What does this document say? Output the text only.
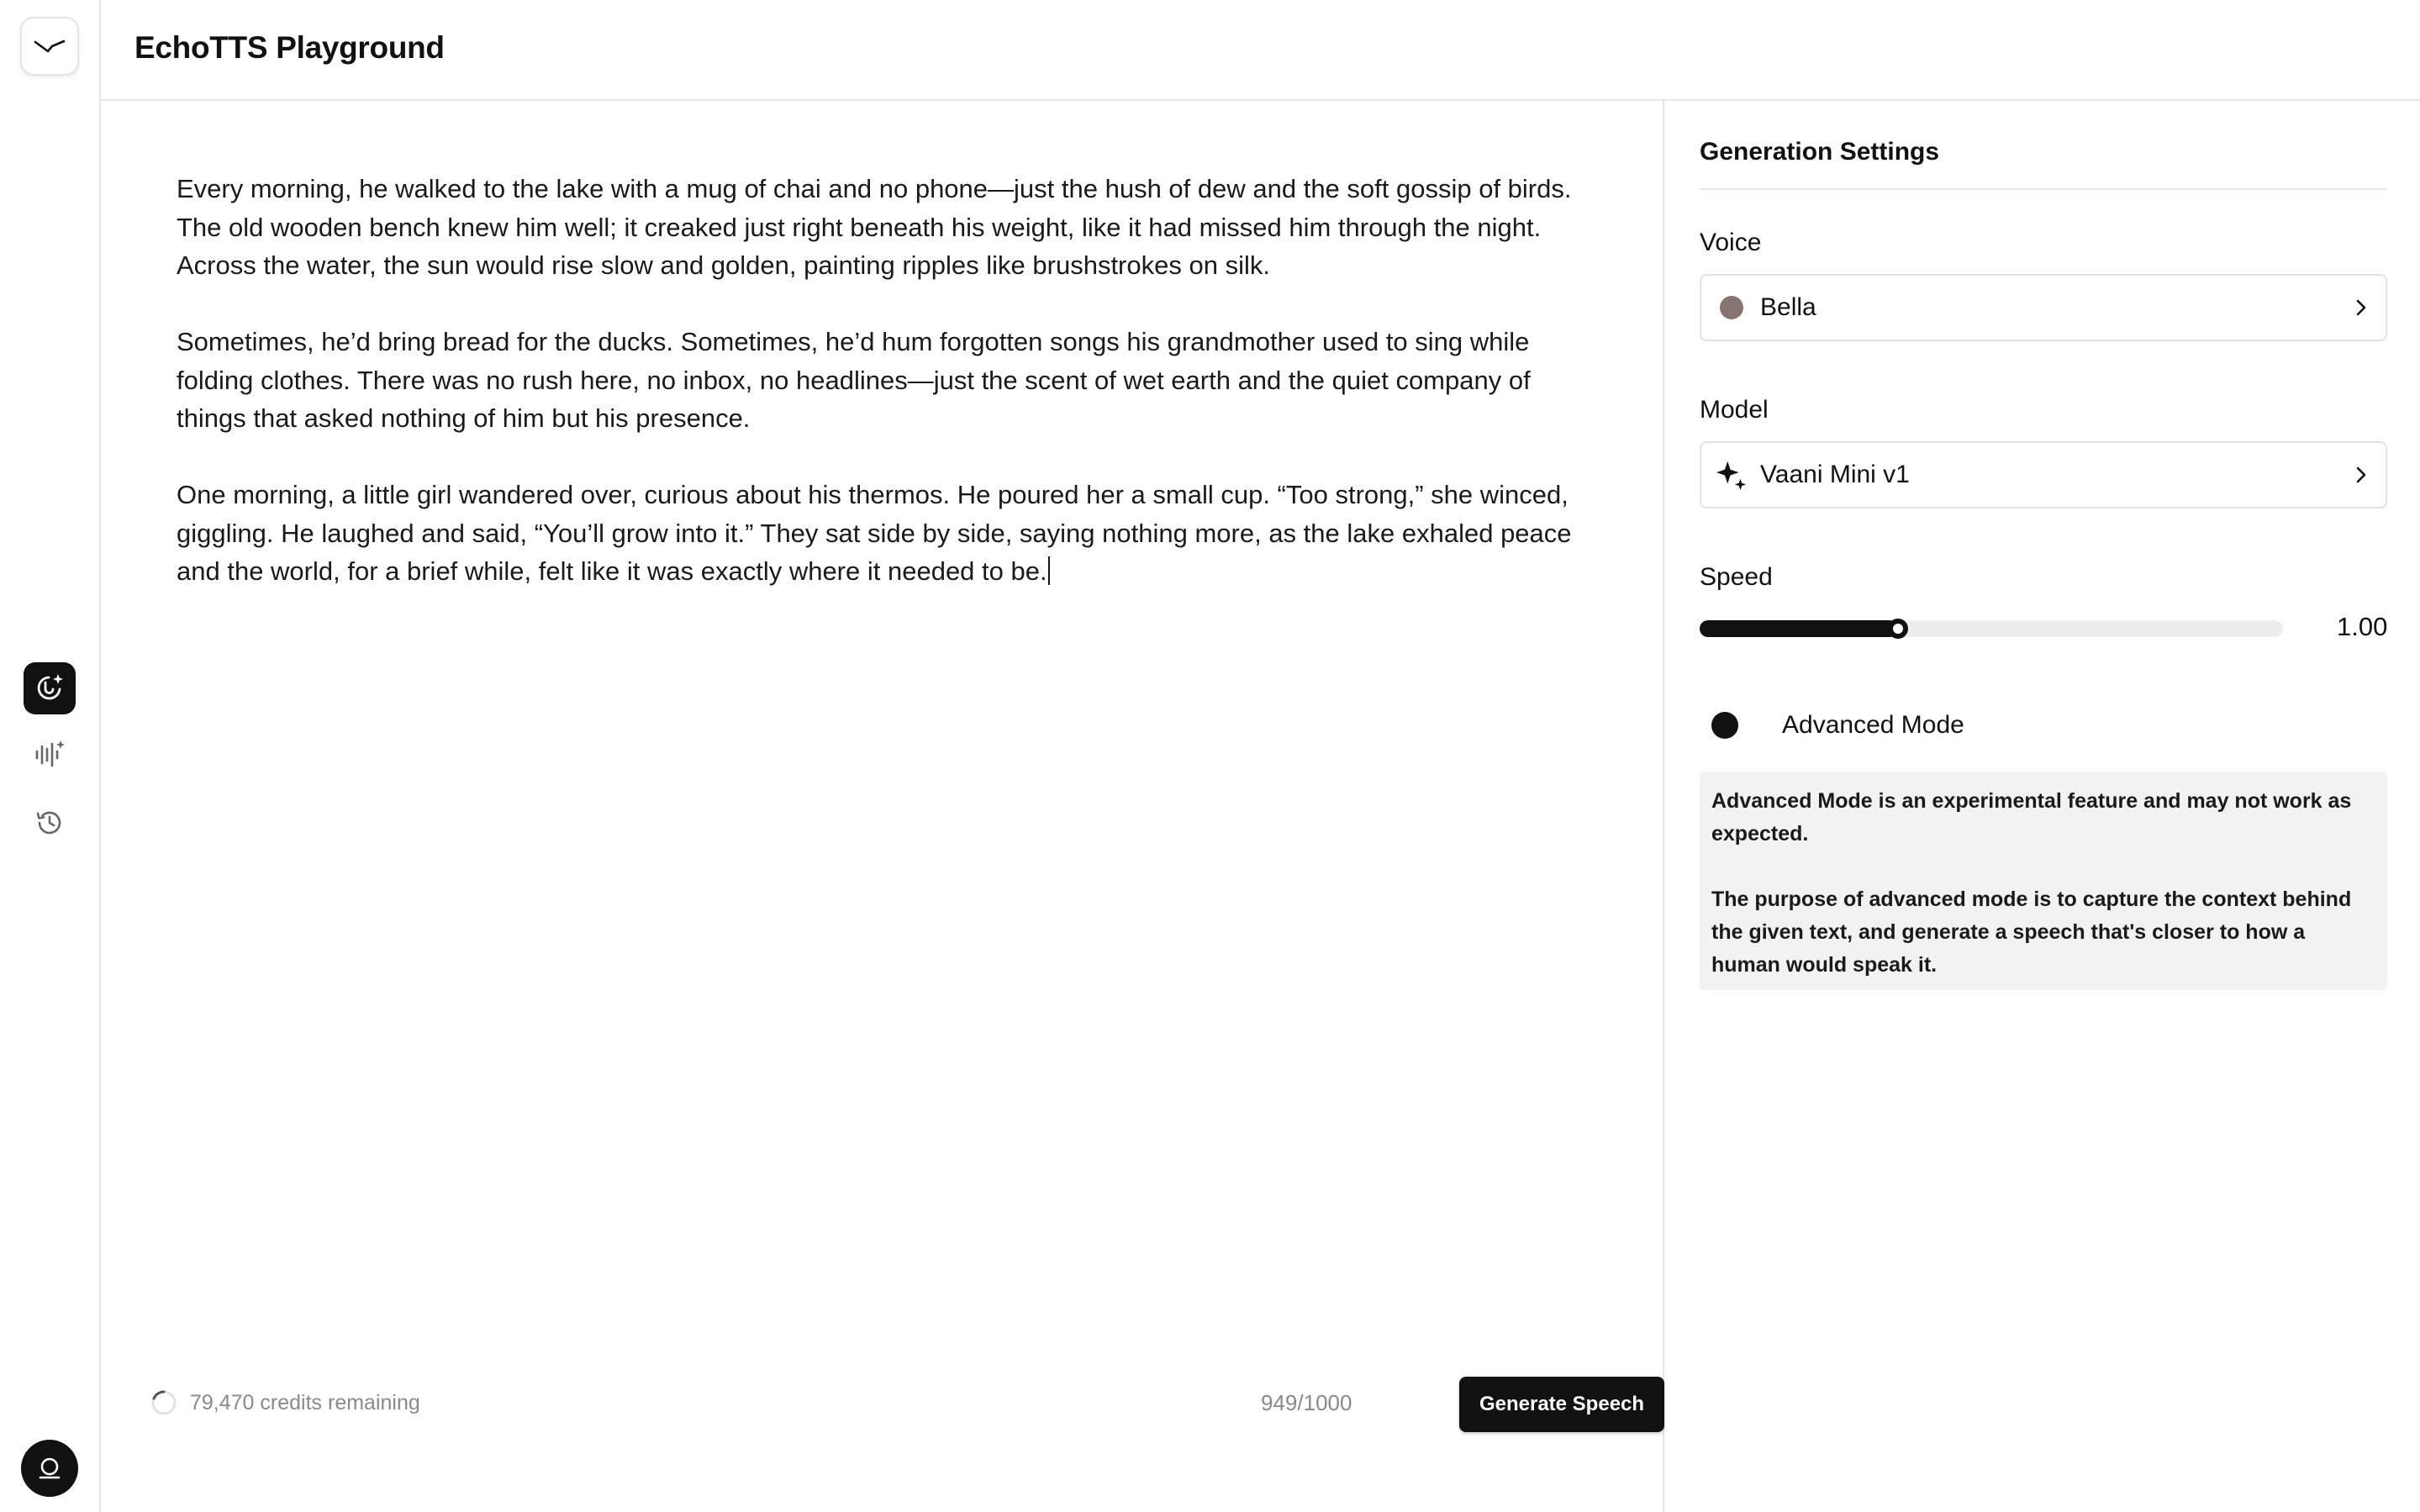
EchoTTS Playground

Every morning, he walked to the lake with a mug of chai and no phone—just the hush of dew and the soft gossip of birds. The old wooden bench knew him well; it creaked just right beneath his weight, like it had missed him through the night. Across the water, the sun would rise slow and golden, painting ripples like brushstrokes on silk.

Sometimes, he’d bring bread for the ducks. Sometimes, he’d hum forgotten songs his grandmother used to sing while folding clothes. There was no rush here, no inbox, no headlines—just the scent of wet earth and the quiet company of things that asked nothing of him but his presence.

One morning, a little girl wandered over, curious about his thermos. He poured her a small cup. “Too strong,” she winced, giggling. He laughed and said, “You’ll grow into it.” They sat side by side, saying nothing more, as the lake exhaled peace and the world, for a brief while, felt like it was exactly where it needed to be.

79,470 credits remaining	949/1000	Generate Speech
Generation Settings
Voice
Bella
Model
Vaani Mini v1
Speed
1.00
Advanced Mode

Advanced Mode is an experimental feature and may not work as expected.

The purpose of advanced mode is to capture the context behind the given text, and generate a speech that's closer to how a human would speak it.
